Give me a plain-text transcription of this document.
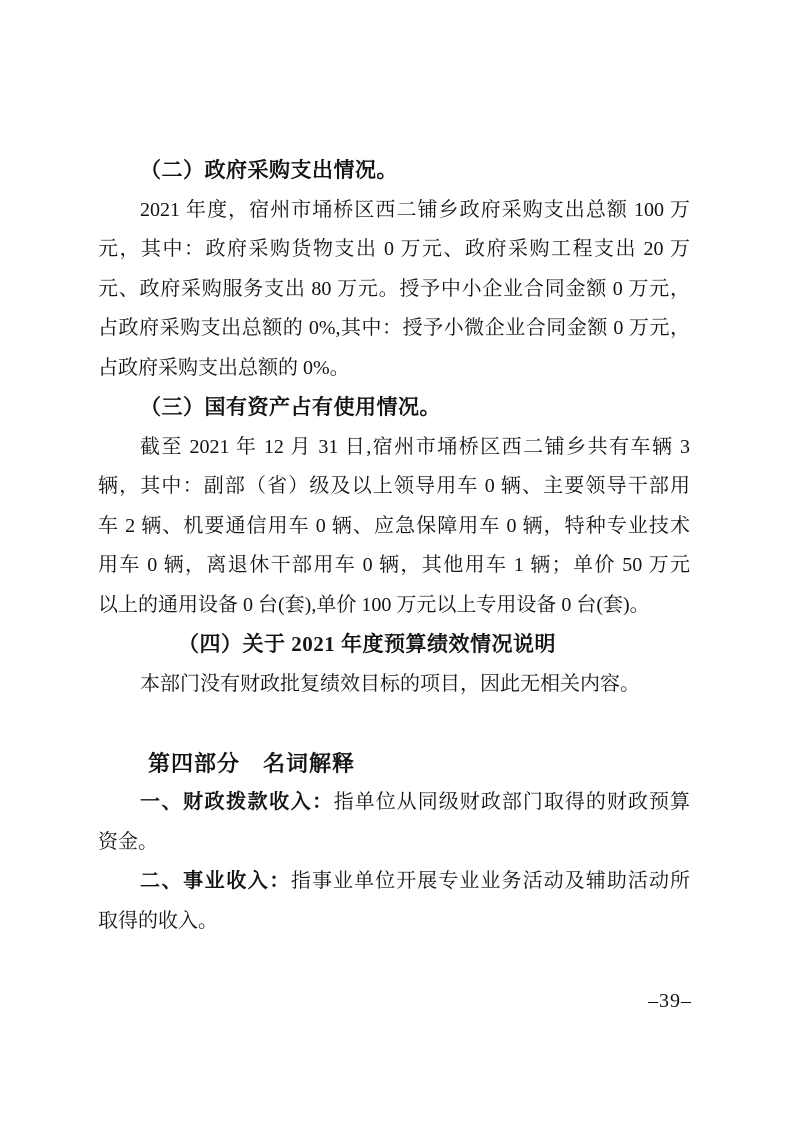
（二）政府采购支出情况。
2021 年度，宿州市埇桥区西二铺乡政府采购支出总额 100 万
元，其中：政府采购货物支出 0 万元、政府采购工程支出 20 万
元、政府采购服务支出 80 万元。授予中小企业合同金额 0 万元，
占政府采购支出总额的 0%,其中：授予小微企业合同金额 0 万元，
占政府采购支出总额的 0%。
（三）国有资产占有使用情况。
截至 2021 年 12 月 31 日,宿州市埇桥区西二铺乡共有车辆 3
辆，其中：副部（省）级及以上领导用车 0 辆、主要领导干部用
车 2 辆、机要通信用车 0 辆、应急保障用车 0 辆，特种专业技术
用车 0 辆，离退休干部用车 0 辆，其他用车 1 辆；单价 50 万元
以上的通用设备 0 台(套),单价 100 万元以上专用设备 0 台(套)。
（四）关于 2021 年度预算绩效情况说明
本部门没有财政批复绩效目标的项目，因此无相关内容。
第四部分　名词解释
一、财政拨款收入：指单位从同级财政部门取得的财政预算
资金。
二、事业收入：指事业单位开展专业业务活动及辅助活动所
取得的收入。
–39–
